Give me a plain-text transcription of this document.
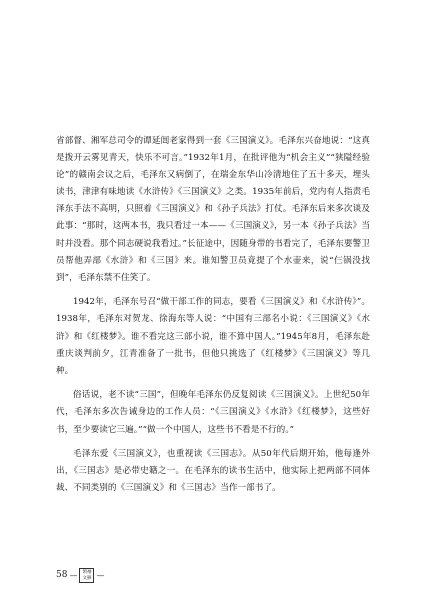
省部督、湘军总司令的谭延闿老家得到一套《三国演义》。毛泽东兴奋地说：“这真是拨开云雾见青天，快乐不可言。”1932年1月，在批评他为“机会主义”“狭隘经验论”的赣南会议之后，毛泽东又病倒了，在瑞金东华山冷清地住了五十多天，埋头读书，津津有味地读《水浒传》《三国演义》之类。1935年前后，党内有人指责毛泽东手法不高明，只照着《三国演义》和《孙子兵法》打仗。毛泽东后来多次谈及此事：“那时，这两本书，我只看过一本——《三国演义》，另一本《孙子兵法》当时并没看。那个同志硬说我看过。”长征途中，因随身带的书看完了，毛泽东要警卫员帮他弄部《水浒》和《三国》来。谁知警卫员竟提了个水壶来，说“仨锅没找到”，毛泽东禁不住笑了。

1942年，毛泽东号召“做干部工作的同志，要看《三国演义》和《水浒传》”。1938年，毛泽东对贺龙、徐海东等人说：“中国有三部名小说：《三国演义》《水浒》和《红楼梦》。谁不看完这三部小说，谁不算中国人。”1945年8月，毛泽东赴重庆谈判前夕，江青准备了一批书，但他只挑选了《红楼梦》《三国演义》等几种。

俗话说，老不读“三国”，但晚年毛泽东仍反复阅读《三国演义》。上世纪50年代，毛泽东多次告诫身边的工作人员：“《三国演义》《水浒》《红楼梦》，这些好书，至少要读它三遍。”“做一个中国人，这些书不看是不行的。”

毛泽东爱《三国演义》，也重视读《三国志》。从50年代后期开始，他每逢外出，《三国志》是必带史籍之一。在毛泽东的读书生活中，他实际上把两部不同体裁、不同类别的《三国演义》和《三国志》当作一部书了。

58 — 領袖
文摘 —
